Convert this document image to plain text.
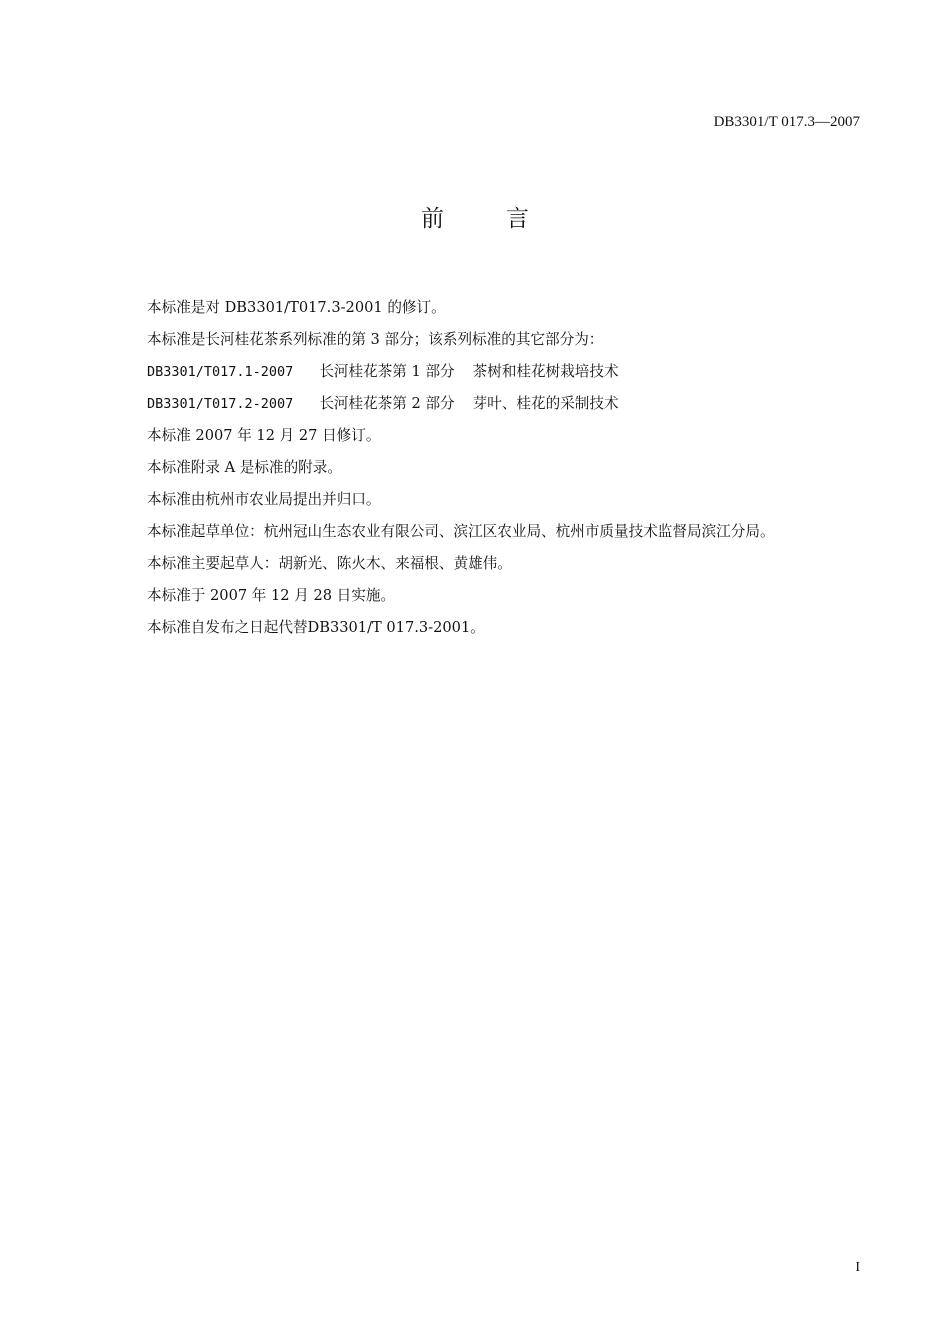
DB3301/T 017.3—2007
前	言
本标准是对 DB3301/T017.3-2001 的修订。
本标准是长河桂花茶系列标准的第 3 部分；该系列标准的其它部分为：
DB3301/T017.1-2007 长河桂花茶第 1 部分 茶树和桂花树栽培技术
DB3301/T017.2-2007 长河桂花茶第 2 部分 芽叶、桂花的采制技术
本标准 2007 年 12 月 27 日修订。
本标准附录 A 是标准的附录。
本标准由杭州市农业局提出并归口。
本标准起草单位：杭州冠山生态农业有限公司、滨江区农业局、杭州市质量技术监督局滨江分局。
本标准主要起草人：胡新光、陈火木、来福根、黄雄伟。
本标准于 2007 年 12 月 28 日实施。
本标准自发布之日起代替DB3301/T 017.3-2001。
I
